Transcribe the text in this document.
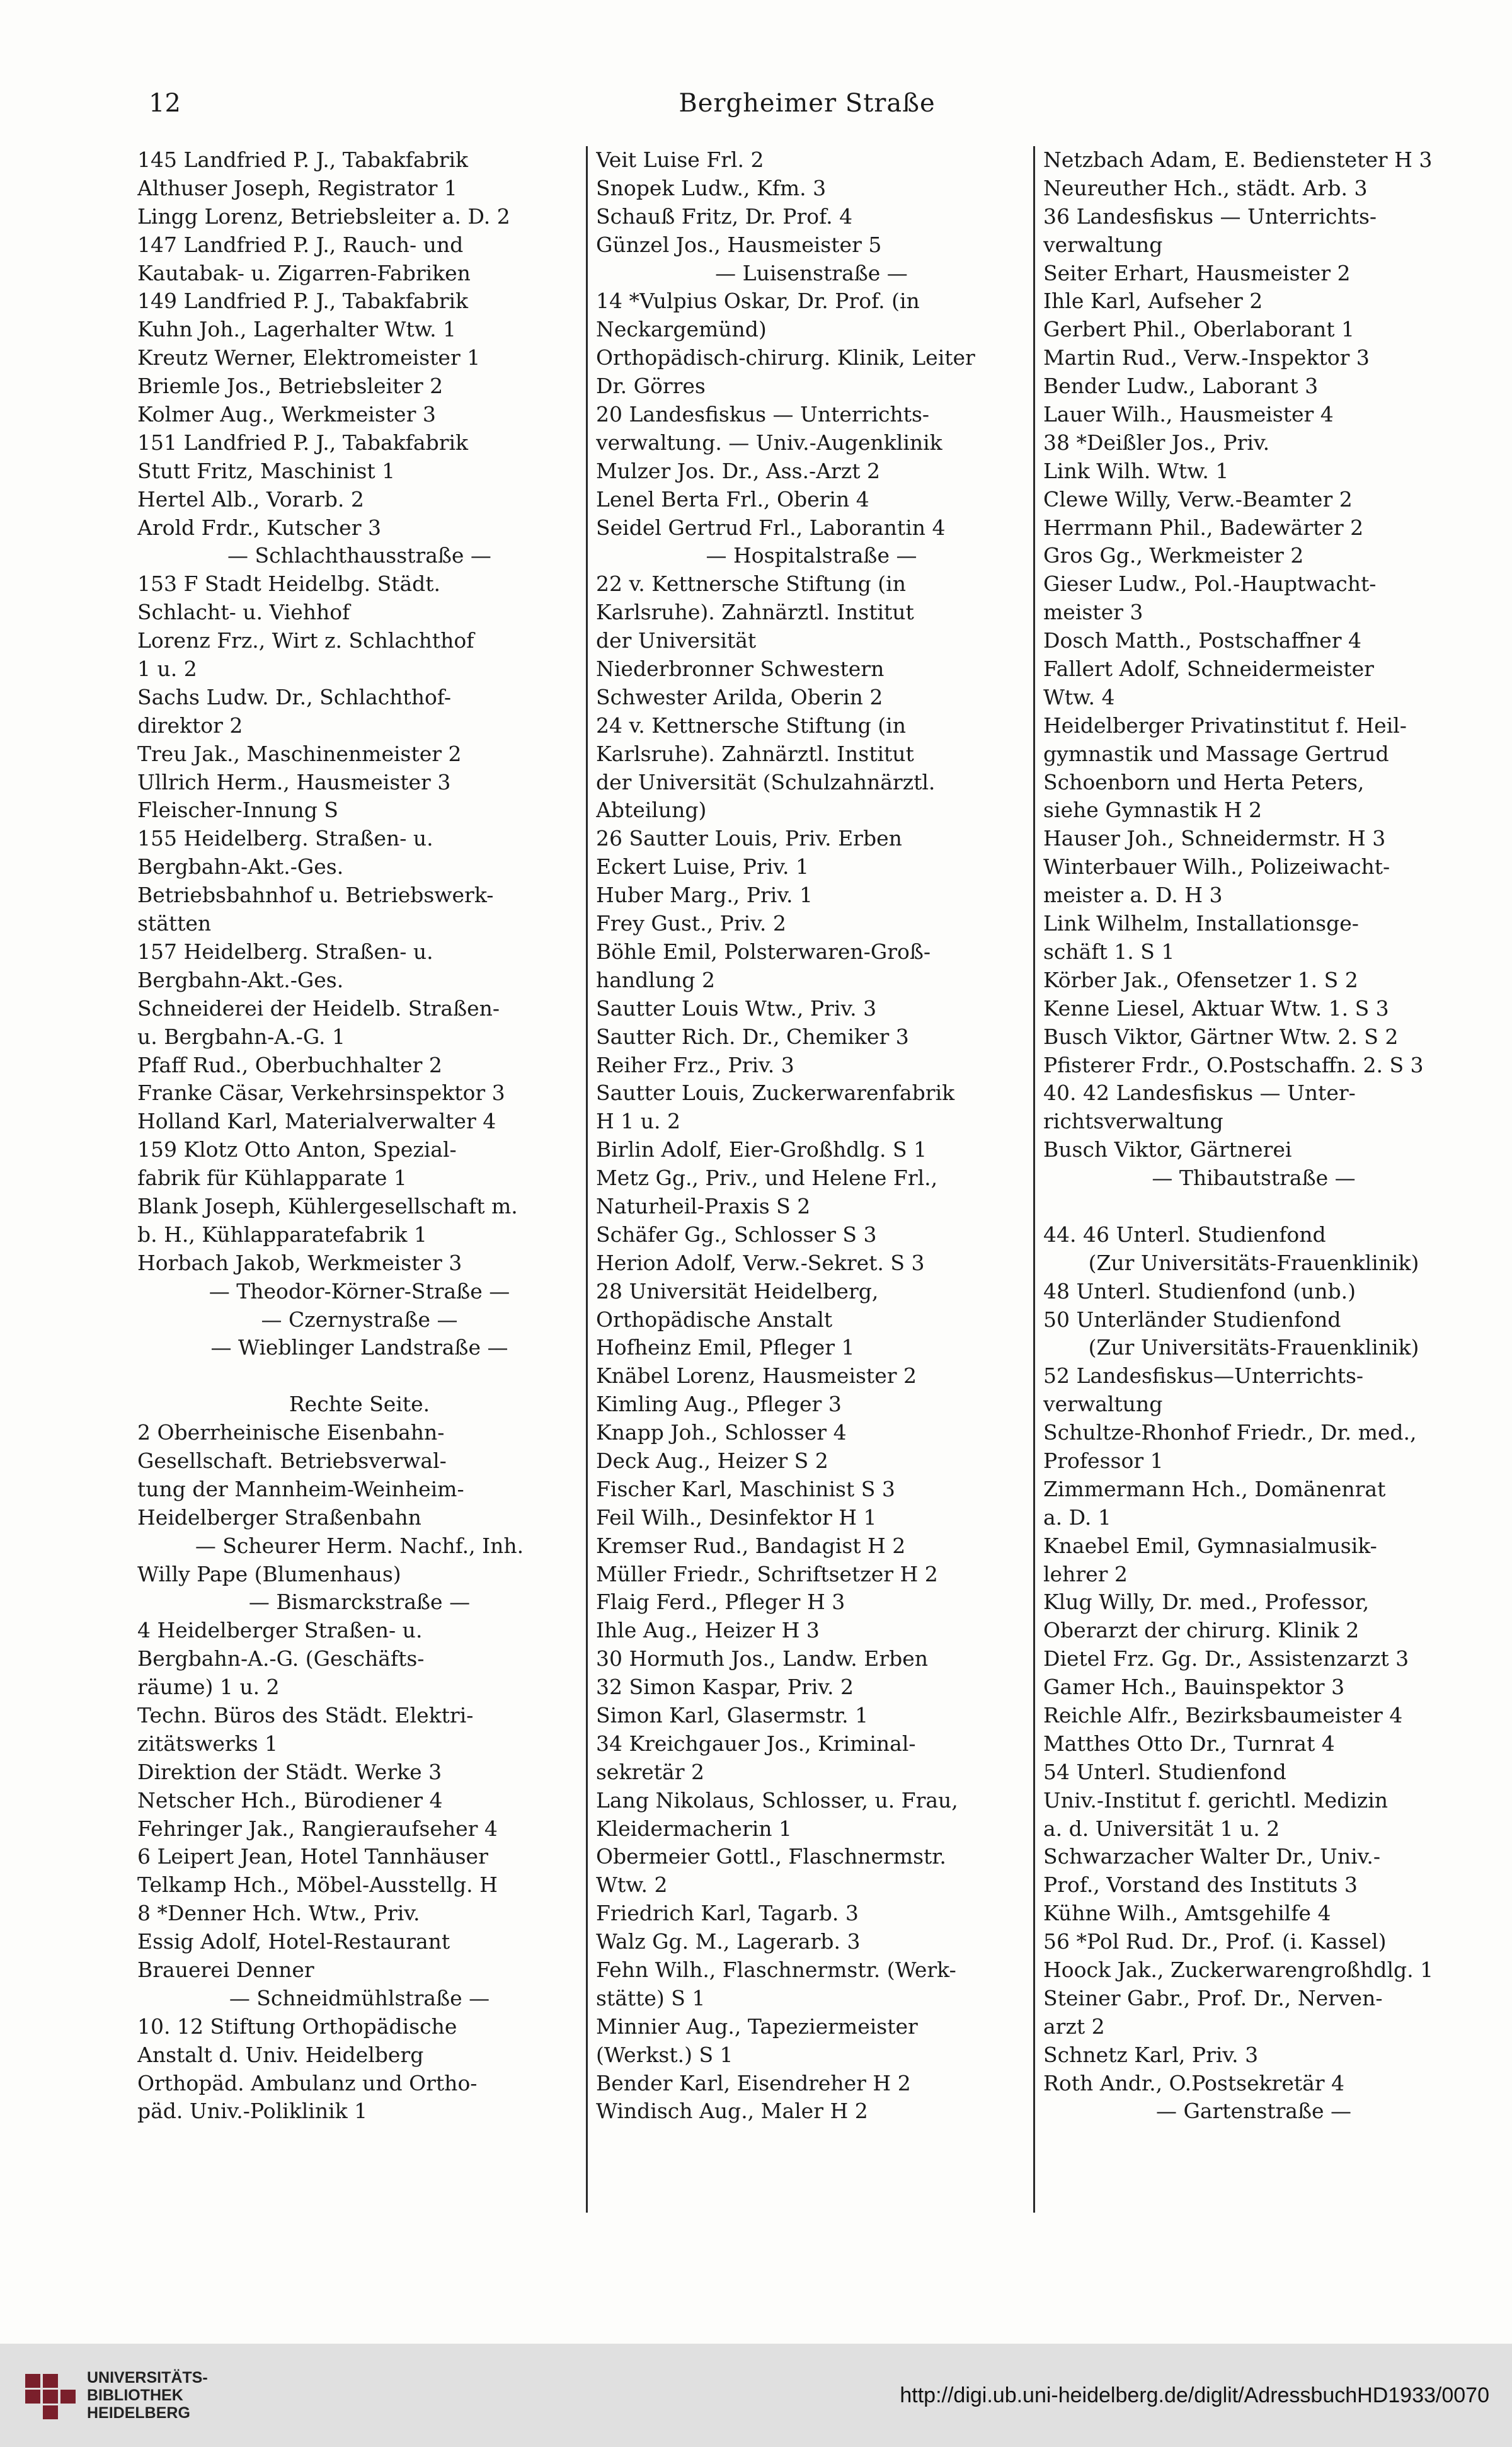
12	Bergheimer Straße
145 Landfried P. J., Tabakfabrik
Althuser Joseph, Registrator 1
Lingg Lorenz, Betriebsleiter a. D. 2
147 Landfried P. J., Rauch- und
Kautabak- u. Zigarren-Fabriken
149 Landfried P. J., Tabakfabrik
Kuhn Joh., Lagerhalter Wtw. 1
Kreutz Werner, Elektromeister 1
Briemle Jos., Betriebsleiter 2
Kolmer Aug., Werkmeister 3
151 Landfried P. J., Tabakfabrik
Stutt Fritz, Maschinist 1
Hertel Alb., Vorarb. 2
Arold Frdr., Kutscher 3
— Schlachthausstraße —
153 F Stadt Heidelbg. Städt.
Schlacht- u. Viehhof
Lorenz Frz., Wirt z. Schlachthof
1 u. 2
Sachs Ludw. Dr., Schlachthof-
direktor 2
Treu Jak., Maschinenmeister 2
Ullrich Herm., Hausmeister 3
Fleischer-Innung S
155 Heidelberg. Straßen- u.
Bergbahn-Akt.-Ges.
Betriebsbahnhof u. Betriebswerk-
stätten
157 Heidelberg. Straßen- u.
Bergbahn-Akt.-Ges.
Schneiderei der Heidelb. Straßen-
u. Bergbahn-A.-G. 1
Pfaff Rud., Oberbuchhalter 2
Franke Cäsar, Verkehrsinspektor 3
Holland Karl, Materialverwalter 4
159 Klotz Otto Anton, Spezial-
fabrik für Kühlapparate 1
Blank Joseph, Kühlergesellschaft m.
b. H., Kühlapparatefabrik 1
Horbach Jakob, Werkmeister 3
— Theodor-Körner-Straße —
— Czernystraße —
— Wieblinger Landstraße —
Rechte Seite.
2 Oberrheinische Eisenbahn-
Gesellschaft. Betriebsverwal-
tung der Mannheim-Weinheim-
Heidelberger Straßenbahn
— Scheurer Herm. Nachf., Inh.
Willy Pape (Blumenhaus)
— Bismarckstraße —
4 Heidelberger Straßen- u.
Bergbahn-A.-G. (Geschäfts-
räume) 1 u. 2
Techn. Büros des Städt. Elektri-
zitätswerks 1
Direktion der Städt. Werke 3
Netscher Hch., Bürodiener 4
Fehringer Jak., Rangieraufseher 4
6 Leipert Jean, Hotel Tannhäuser
Telkamp Hch., Möbel-Ausstellg. H
8 *Denner Hch. Wtw., Priv.
Essig Adolf, Hotel-Restaurant
Brauerei Denner
— Schneidmühlstraße —
10. 12 Stiftung Orthopädische
Anstalt d. Univ. Heidelberg
Orthopäd. Ambulanz und Ortho-
päd. Univ.-Poliklinik 1
Veit Luise Frl. 2
Snopek Ludw., Kfm. 3
Schauß Fritz, Dr. Prof. 4
Günzel Jos., Hausmeister 5
— Luisenstraße —
14 *Vulpius Oskar, Dr. Prof. (in
Neckargemünd)
Orthopädisch-chirurg. Klinik, Leiter
Dr. Görres
20 Landesfiskus — Unterrichts-
verwaltung. — Univ.-Augenklinik
Mulzer Jos. Dr., Ass.-Arzt 2
Lenel Berta Frl., Oberin 4
Seidel Gertrud Frl., Laborantin 4
— Hospitalstraße —
22 v. Kettnersche Stiftung (in
Karlsruhe). Zahnärztl. Institut
der Universität
Niederbronner Schwestern
Schwester Arilda, Oberin 2
24 v. Kettnersche Stiftung (in
Karlsruhe). Zahnärztl. Institut
der Universität (Schulzahnärztl.
Abteilung)
26 Sautter Louis, Priv. Erben
Eckert Luise, Priv. 1
Huber Marg., Priv. 1
Frey Gust., Priv. 2
Böhle Emil, Polsterwaren-Groß-
handlung 2
Sautter Louis Wtw., Priv. 3
Sautter Rich. Dr., Chemiker 3
Reiher Frz., Priv. 3
Sautter Louis, Zuckerwarenfabrik
H 1 u. 2
Birlin Adolf, Eier-Großhdlg. S 1
Metz Gg., Priv., und Helene Frl.,
Naturheil-Praxis S 2
Schäfer Gg., Schlosser S 3
Herion Adolf, Verw.-Sekret. S 3
28 Universität Heidelberg,
Orthopädische Anstalt
Hofheinz Emil, Pfleger 1
Knäbel Lorenz, Hausmeister 2
Kimling Aug., Pfleger 3
Knapp Joh., Schlosser 4
Deck Aug., Heizer S 2
Fischer Karl, Maschinist S 3
Feil Wilh., Desinfektor H 1
Kremser Rud., Bandagist H 2
Müller Friedr., Schriftsetzer H 2
Flaig Ferd., Pfleger H 3
Ihle Aug., Heizer H 3
30 Hormuth Jos., Landw. Erben
32 Simon Kaspar, Priv. 2
Simon Karl, Glasermstr. 1
34 Kreichgauer Jos., Kriminal-
sekretär 2
Lang Nikolaus, Schlosser, u. Frau,
Kleidermacherin 1
Obermeier Gottl., Flaschnermstr.
Wtw. 2
Friedrich Karl, Tagarb. 3
Walz Gg. M., Lagerarb. 3
Fehn Wilh., Flaschnermstr. (Werk-
stätte) S 1
Minnier Aug., Tapeziermeister
(Werkst.) S 1
Bender Karl, Eisendreher H 2
Windisch Aug., Maler H 2
Netzbach Adam, E. Bediensteter H 3
Neureuther Hch., städt. Arb. 3
36 Landesfiskus — Unterrichts-
verwaltung
Seiter Erhart, Hausmeister 2
Ihle Karl, Aufseher 2
Gerbert Phil., Oberlaborant 1
Martin Rud., Verw.-Inspektor 3
Bender Ludw., Laborant 3
Lauer Wilh., Hausmeister 4
38 *Deißler Jos., Priv.
Link Wilh. Wtw. 1
Clewe Willy, Verw.-Beamter 2
Herrmann Phil., Badewärter 2
Gros Gg., Werkmeister 2
Gieser Ludw., Pol.-Hauptwacht-
meister 3
Dosch Matth., Postschaffner 4
Fallert Adolf, Schneidermeister
Wtw. 4
Heidelberger Privatinstitut f. Heil-
gymnastik und Massage Gertrud
Schoenborn und Herta Peters,
siehe Gymnastik H 2
Hauser Joh., Schneidermstr. H 3
Winterbauer Wilh., Polizeiwacht-
meister a. D. H 3
Link Wilhelm, Installationsge-
schäft 1. S 1
Körber Jak., Ofensetzer 1. S 2
Kenne Liesel, Aktuar Wtw. 1. S 3
Busch Viktor, Gärtner Wtw. 2. S 2
Pfisterer Frdr., O.Postschaffn. 2. S 3
40. 42 Landesfiskus — Unter-
richtsverwaltung
Busch Viktor, Gärtnerei
— Thibautstraße —
44. 46 Unterl. Studienfond
(Zur Universitäts-Frauenklinik)
48 Unterl. Studienfond (unb.)
50 Unterländer Studienfond
(Zur Universitäts-Frauenklinik)
52 Landesfiskus—Unterrichts-
verwaltung
Schultze-Rhonhof Friedr., Dr. med.,
Professor 1
Zimmermann Hch., Domänenrat
a. D. 1
Knaebel Emil, Gymnasialmusik-
lehrer 2
Klug Willy, Dr. med., Professor,
Oberarzt der chirurg. Klinik 2
Dietel Frz. Gg. Dr., Assistenzarzt 3
Gamer Hch., Bauinspektor 3
Reichle Alfr., Bezirksbaumeister 4
Matthes Otto Dr., Turnrat 4
54 Unterl. Studienfond
Univ.-Institut f. gerichtl. Medizin
a. d. Universität 1 u. 2
Schwarzacher Walter Dr., Univ.-
Prof., Vorstand des Instituts 3
Kühne Wilh., Amtsgehilfe 4
56 *Pol Rud. Dr., Prof. (i. Kassel)
Hoock Jak., Zuckerwarengroßhdlg. 1
Steiner Gabr., Prof. Dr., Nerven-
arzt 2
Schnetz Karl, Priv. 3
Roth Andr., O.Postsekretär 4
— Gartenstraße —
UNIVERSITÄTS-
BIBLIOTHEK
HEIDELBERG
http://digi.ub.uni-heidelberg.de/diglit/AdressbuchHD1933/0070
